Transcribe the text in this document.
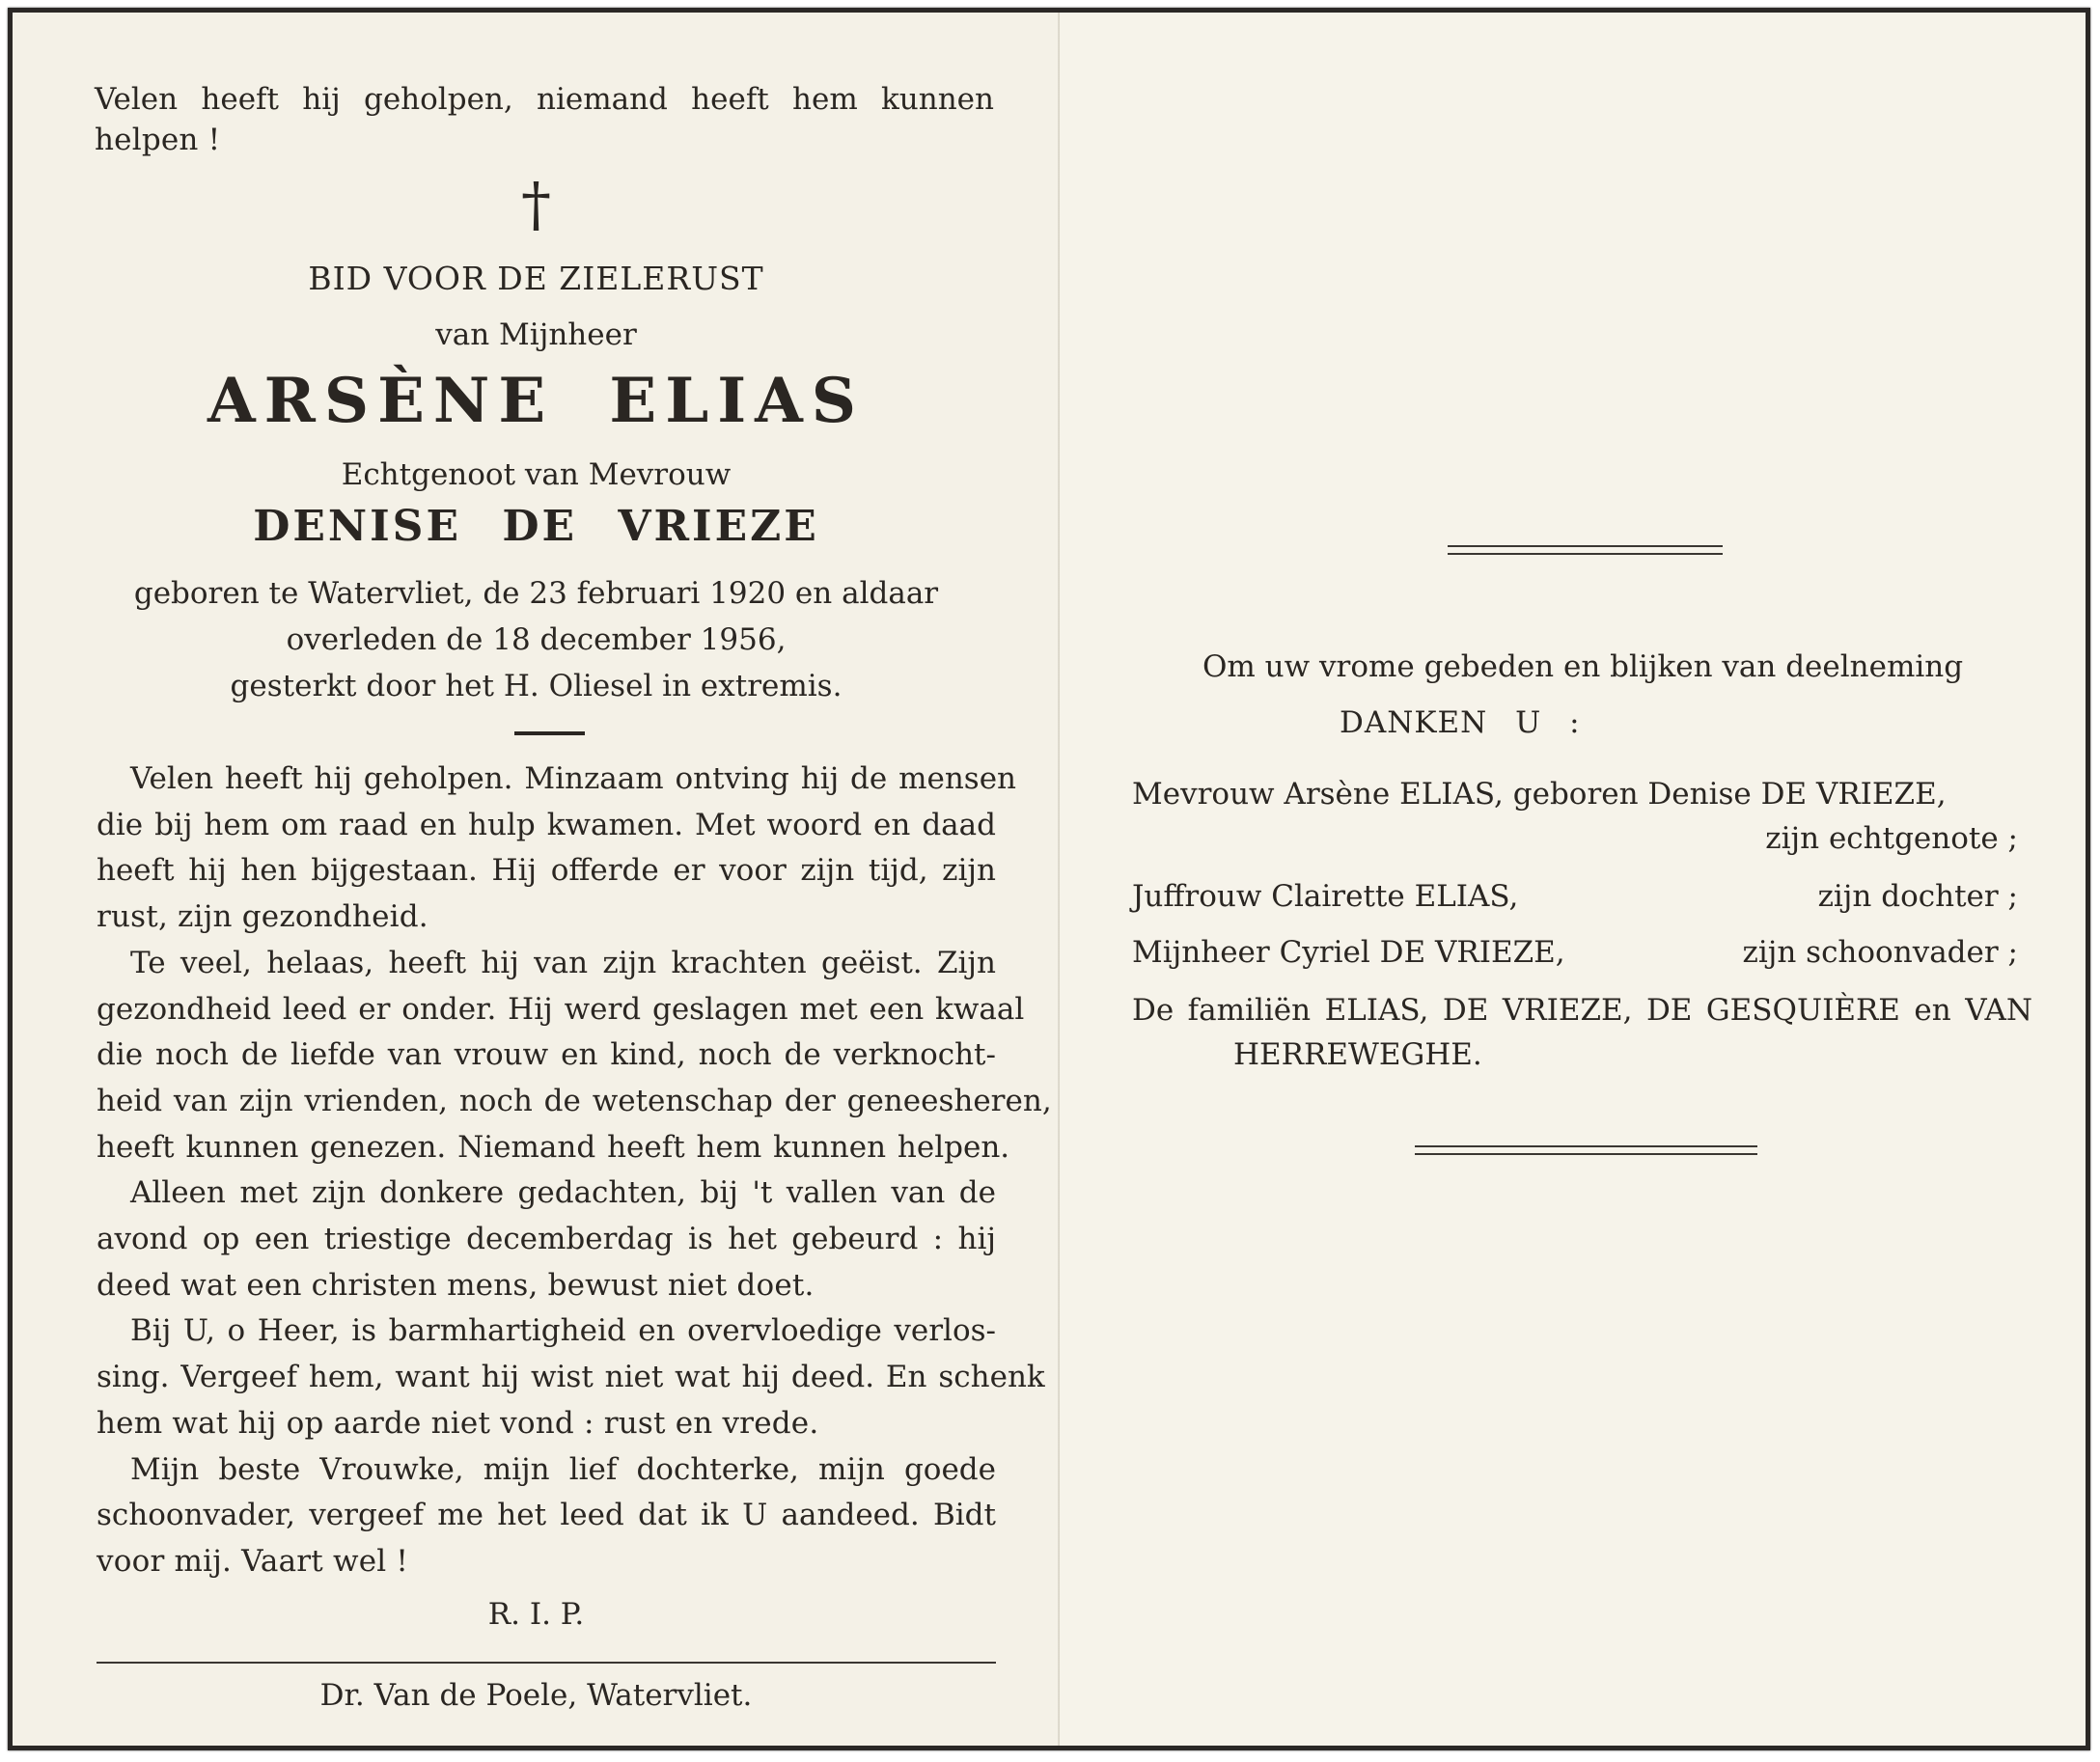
Velen heeft hij geholpen, niemand heeft hem kunnen
helpen !
†
BID VOOR DE ZIELERUST
van Mijnheer
ARSÈNE ELIAS
Echtgenoot van Mevrouw
DENISE DE VRIEZE
geboren te Watervliet, de 23 februari 1920 en aldaar
overleden de 18 december 1956,
gesterkt door het H. Oliesel in extremis.
Velen heeft hij geholpen. Minzaam ontving hij de mensen
die bij hem om raad en hulp kwamen. Met woord en daad
heeft hij hen bijgestaan. Hij offerde er voor zijn tijd, zijn
rust, zijn gezondheid.
Te veel, helaas, heeft hij van zijn krachten geëist. Zijn
gezondheid leed er onder. Hij werd geslagen met een kwaal
die noch de liefde van vrouw en kind, noch de verknocht-
heid van zijn vrienden, noch de wetenschap der geneesheren,
heeft kunnen genezen. Niemand heeft hem kunnen helpen.
Alleen met zijn donkere gedachten, bij 't vallen van de
avond op een triestige decemberdag is het gebeurd : hij
deed wat een christen mens, bewust niet doet.
Bij U, o Heer, is barmhartigheid en overvloedige verlos-
sing. Vergeef hem, want hij wist niet wat hij deed. En schenk
hem wat hij op aarde niet vond : rust en vrede.
Mijn beste Vrouwke, mijn lief dochterke, mijn goede
schoonvader, vergeef me het leed dat ik U aandeed. Bidt
voor mij. Vaart wel !
R. I. P.
Dr. Van de Poele, Watervliet.
Om uw vrome gebeden en blijken van deelneming
DANKEN U :
Mevrouw Arsène ELIAS, geboren Denise DE VRIEZE,
zijn echtgenote ;
Juffrouw Clairette ELIAS,	zijn dochter ;
Mijnheer Cyriel DE VRIEZE,	zijn schoonvader ;
De familiën ELIAS, DE VRIEZE, DE GESQUIÈRE en VAN
HERREWEGHE.
